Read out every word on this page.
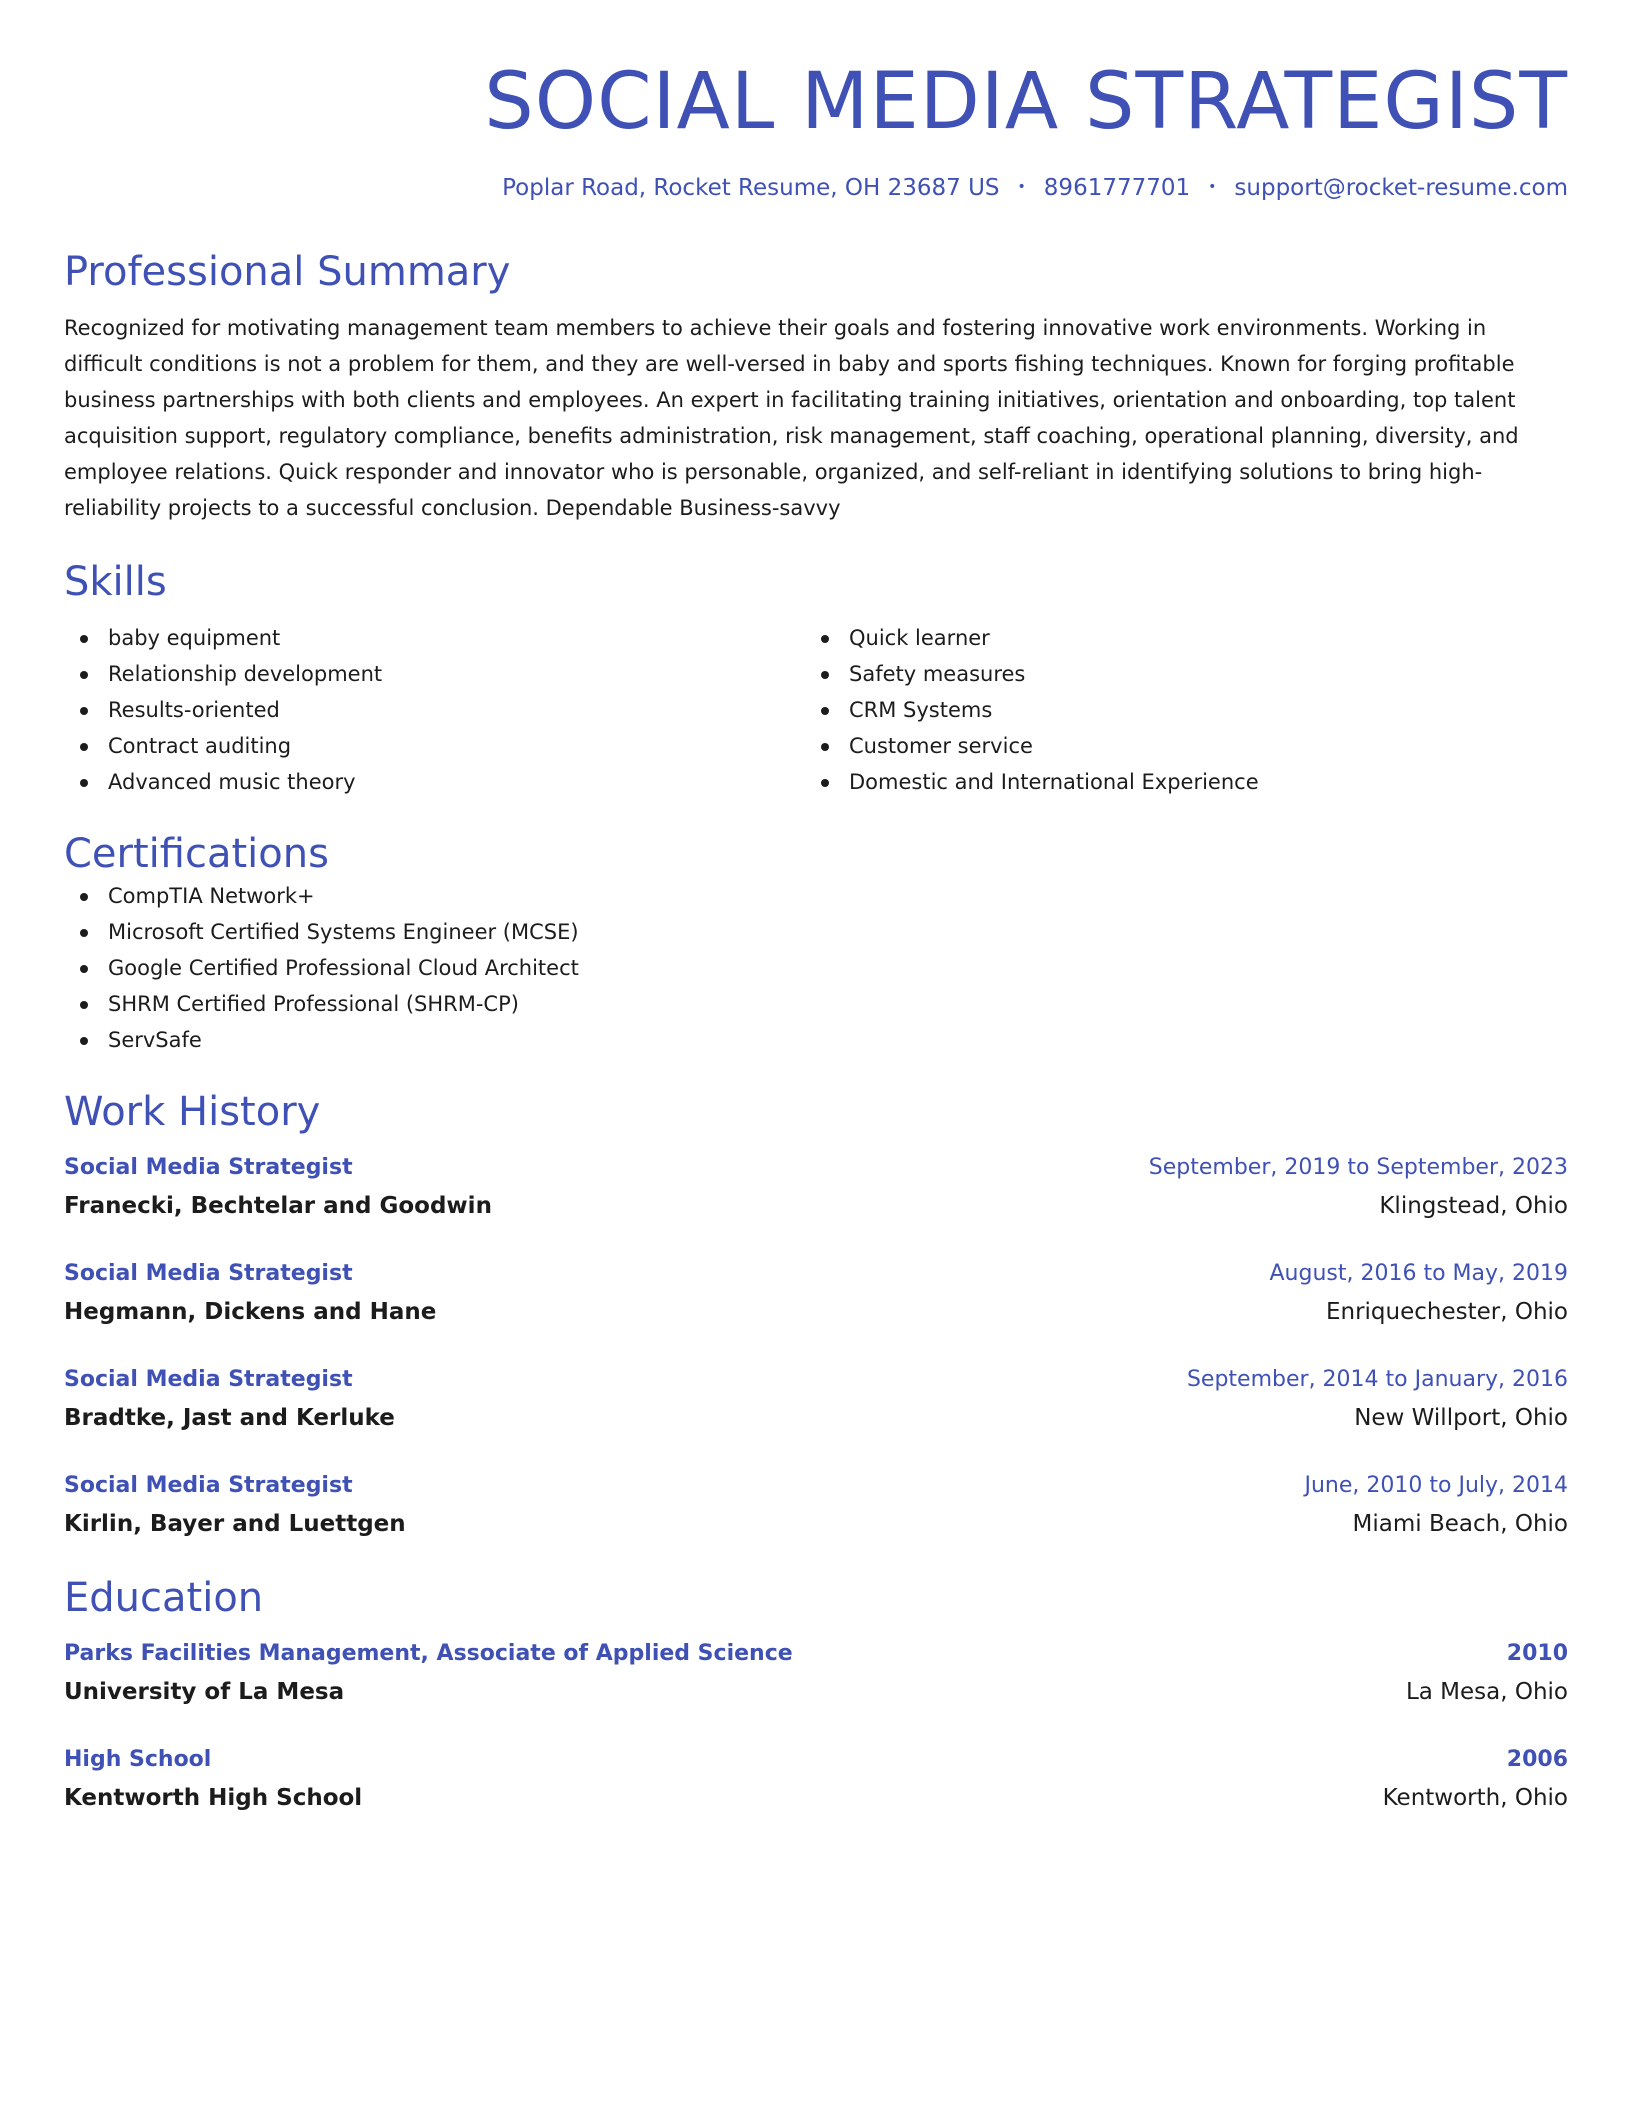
SOCIAL MEDIA STRATEGIST
Poplar Road, Rocket Resume, OH 23687 US • 8961777701 • support@rocket-resume.com
Professional Summary

Recognized for motivating management team members to achieve their goals and fostering innovative work environments. Working in difficult conditions is not a problem for them, and they are well-versed in baby and sports fishing techniques. Known for forging profitable business partnerships with both clients and employees. An expert in facilitating training initiatives, orientation and onboarding, top talent acquisition support, regulatory compliance, benefits administration, risk management, staff coaching, operational planning, diversity, and employee relations. Quick responder and innovator who is personable, organized, and self-reliant in identifying solutions to bring high-reliability projects to a successful conclusion. Dependable Business-savvy

Skills
baby equipment
Relationship development
Results-oriented
Contract auditing
Advanced music theory
Quick learner
Safety measures
CRM Systems
Customer service
Domestic and International Experience
Certifications
CompTIA Network+
Microsoft Certified Systems Engineer (MCSE)
Google Certified Professional Cloud Architect
SHRM Certified Professional (SHRM-CP)
ServSafe
Work History
Social Media Strategist	September, 2019 to September, 2023
Franecki, Bechtelar and Goodwin	Klingstead, Ohio
Social Media Strategist	August, 2016 to May, 2019
Hegmann, Dickens and Hane	Enriquechester, Ohio
Social Media Strategist	September, 2014 to January, 2016
Bradtke, Jast and Kerluke	New Willport, Ohio
Social Media Strategist	June, 2010 to July, 2014
Kirlin, Bayer and Luettgen	Miami Beach, Ohio
Education
Parks Facilities Management, Associate of Applied Science	2010
University of La Mesa	La Mesa, Ohio
High School	2006
Kentworth High School	Kentworth, Ohio
